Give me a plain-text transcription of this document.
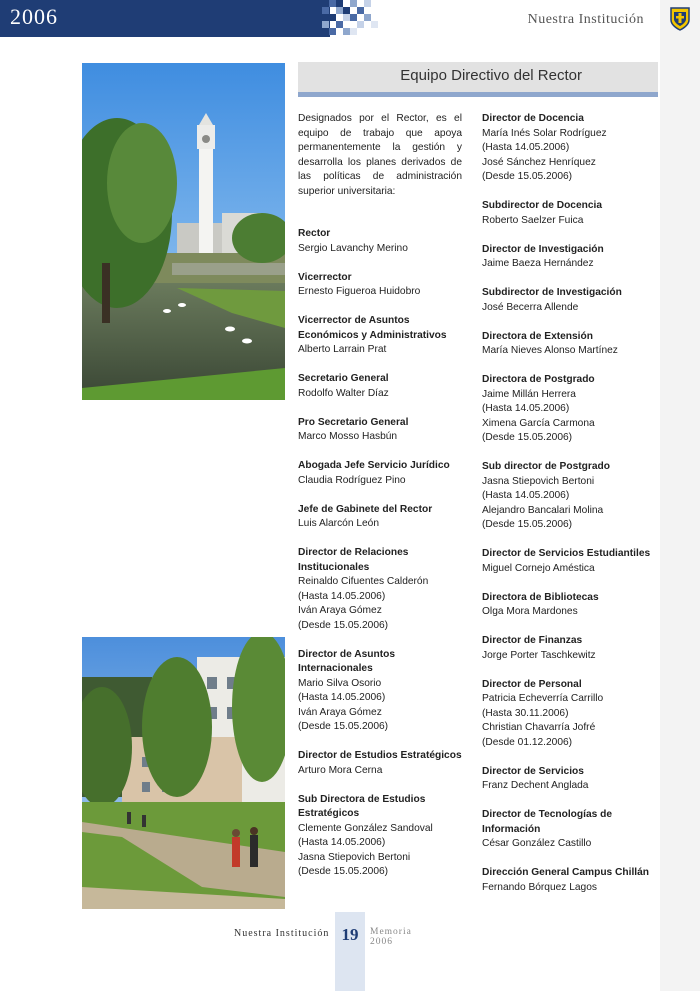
2006	Nuestra Institución
Equipo Directivo del Rector

Designados por el Rector, es el equipo de trabajo que apoya permanentemente la gestión y desarrolla los planes derivados de las políticas de administración superior universitaria:

Rector
Sergio Lavanchy Merino
Vicerrector
Ernesto Figueroa Huidobro
Vicerrector de Asuntos Económicos y Administrativos
Alberto Larrain Prat
Secretario General
Rodolfo Walter Díaz
Pro Secretario General
Marco Mosso Hasbún
Abogada Jefe Servicio Jurídico
Claudia Rodríguez Pino
Jefe de Gabinete del Rector
Luis Alarcón León
Director de Relaciones Institucionales
Reinaldo Cifuentes Calderón
(Hasta 14.05.2006)
Iván Araya Gómez
(Desde 15.05.2006)
Director de Asuntos Internacionales
Mario Silva Osorio
(Hasta 14.05.2006)
Iván Araya Gómez
(Desde 15.05.2006)
Director de Estudios Estratégicos
Arturo Mora Cerna
Sub Directora de Estudios Estratégicos
Clemente González Sandoval
(Hasta 14.05.2006)
Jasna Stiepovich Bertoni
(Desde 15.05.2006)
Director de Docencia
María Inés Solar Rodríguez
(Hasta 14.05.2006)
José Sánchez Henríquez
(Desde 15.05.2006)
Subdirector de Docencia
Roberto Saelzer Fuica
Director de Investigación
Jaime Baeza Hernández
Subdirector de Investigación
José Becerra Allende
Directora de Extensión
María Nieves Alonso Martínez
Directora de Postgrado
Jaime Millán Herrera
(Hasta 14.05.2006)
Ximena García Carmona
(Desde 15.05.2006)
Sub director de Postgrado
Jasna Stiepovich Bertoni
(Hasta 14.05.2006)
Alejandro Bancalari Molina
(Desde 15.05.2006)
Director de Servicios Estudiantiles
Miguel Cornejo Améstica
Directora de Bibliotecas
Olga Mora Mardones
Director de Finanzas
Jorge Porter Taschkewitz
Director de Personal
Patricia Echeverría Carrillo
(Hasta 30.11.2006)
Christian Chavarría Jofré
(Desde 01.12.2006)
Director de Servicios
Franz Dechent Anglada
Director de Tecnologías de Información
César González Castillo
Dirección General Campus Chillán
Fernando Bórquez Lagos
Nuestra Institución 19	Memoria
2006
